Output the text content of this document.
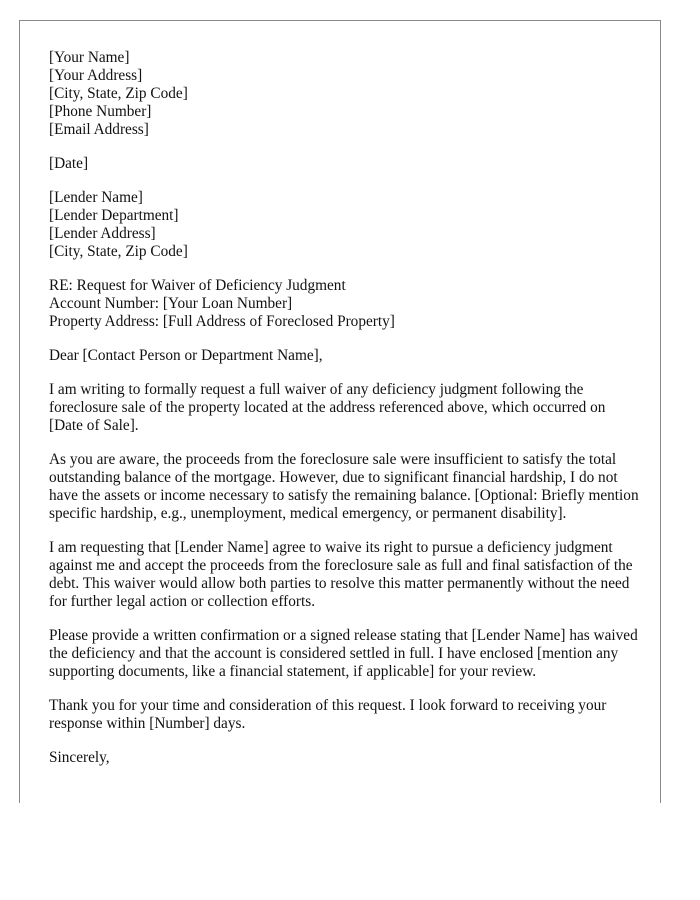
[Your Name]
[Your Address]
[City, State, Zip Code]
[Phone Number]
[Email Address]
[Date]
[Lender Name]
[Lender Department]
[Lender Address]
[City, State, Zip Code]
RE: Request for Waiver of Deficiency Judgment
Account Number: [Your Loan Number]
Property Address: [Full Address of Foreclosed Property]

Dear [Contact Person or Department Name],

I am writing to formally request a full waiver of any deficiency judgment following the foreclosure sale of the property located at the address referenced above, which occurred on [Date of Sale].

As you are aware, the proceeds from the foreclosure sale were insufficient to satisfy the total outstanding balance of the mortgage. However, due to significant financial hardship, I do not have the assets or income necessary to satisfy the remaining balance. [Optional: Briefly mention specific hardship, e.g., unemployment, medical emergency, or permanent disability].

I am requesting that [Lender Name] agree to waive its right to pursue a deficiency judgment against me and accept the proceeds from the foreclosure sale as full and final satisfaction of the debt. This waiver would allow both parties to resolve this matter permanently without the need for further legal action or collection efforts.

Please provide a written confirmation or a signed release stating that [Lender Name] has waived the deficiency and that the account is considered settled in full. I have enclosed [mention any supporting documents, like a financial statement, if applicable] for your review.

Thank you for your time and consideration of this request. I look forward to receiving your response within [Number] days.

Sincerely,
